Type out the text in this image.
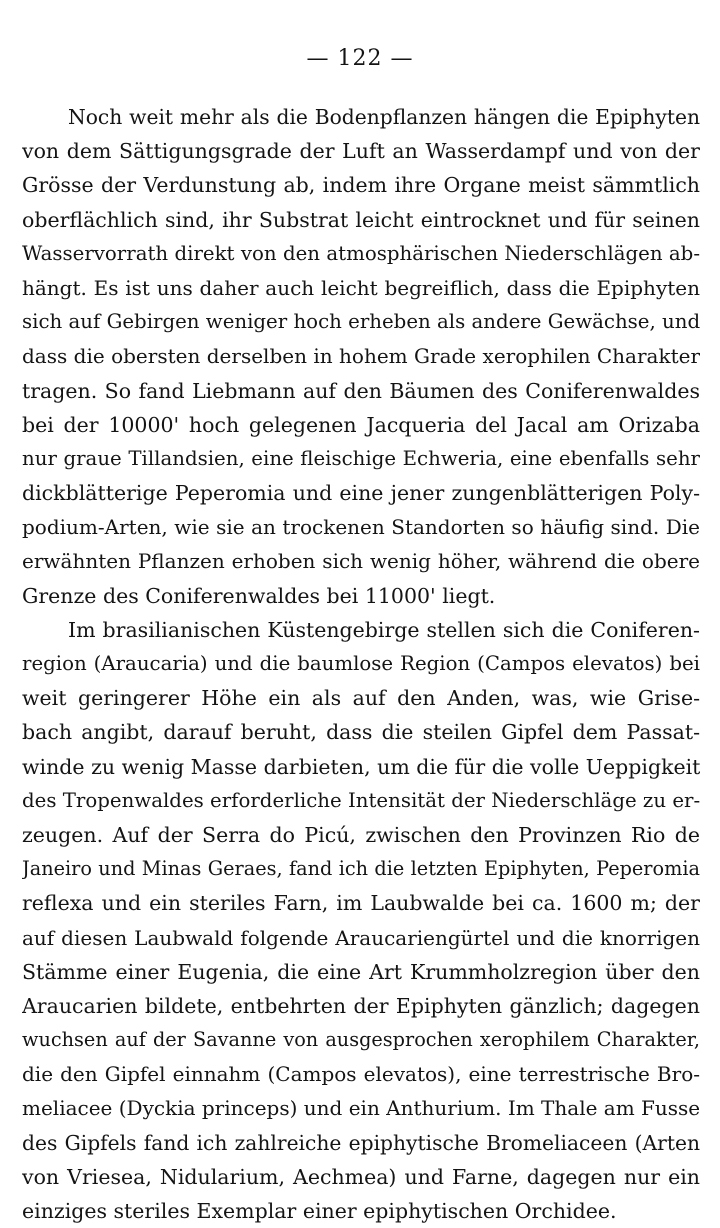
— 122 —
Noch weit mehr als die Bodenpflanzen hängen die Epiphyten
von dem Sättigungsgrade der Luft an Wasserdampf und von der
Grösse der Verdunstung ab, indem ihre Organe meist sämmtlich
oberflächlich sind, ihr Substrat leicht eintrocknet und für seinen
Wasservorrath direkt von den atmosphärischen Niederschlägen ab-
hängt. Es ist uns daher auch leicht begreiflich, dass die Epiphyten
sich auf Gebirgen weniger hoch erheben als andere Gewächse, und
dass die obersten derselben in hohem Grade xerophilen Charakter
tragen. So fand Liebmann auf den Bäumen des Coniferenwaldes
bei der 10000' hoch gelegenen Jacqueria del Jacal am Orizaba
nur graue Tillandsien, eine fleischige Echweria, eine ebenfalls sehr
dickblätterige Peperomia und eine jener zungenblätterigen Poly-
podium-Arten, wie sie an trockenen Standorten so häufig sind. Die
erwähnten Pflanzen erhoben sich wenig höher, während die obere
Grenze des Coniferenwaldes bei 11000' liegt.
Im brasilianischen Küstengebirge stellen sich die Coniferen-
region (Araucaria) und die baumlose Region (Campos elevatos) bei
weit geringerer Höhe ein als auf den Anden, was, wie Grise-
bach angibt, darauf beruht, dass die steilen Gipfel dem Passat-
winde zu wenig Masse darbieten, um die für die volle Ueppigkeit
des Tropenwaldes erforderliche Intensität der Niederschläge zu er-
zeugen. Auf der Serra do Picú, zwischen den Provinzen Rio de
Janeiro und Minas Geraes, fand ich die letzten Epiphyten, Peperomia
reflexa und ein steriles Farn, im Laubwalde bei ca. 1600 m; der
auf diesen Laubwald folgende Araucariengürtel und die knorrigen
Stämme einer Eugenia, die eine Art Krummholzregion über den
Araucarien bildete, entbehrten der Epiphyten gänzlich; dagegen
wuchsen auf der Savanne von ausgesprochen xerophilem Charakter,
die den Gipfel einnahm (Campos elevatos), eine terrestrische Bro-
meliacee (Dyckia princeps) und ein Anthurium. Im Thale am Fusse
des Gipfels fand ich zahlreiche epiphytische Bromeliaceen (Arten
von Vriesea, Nidularium, Aechmea) und Farne, dagegen nur ein
einziges steriles Exemplar einer epiphytischen Orchidee.
